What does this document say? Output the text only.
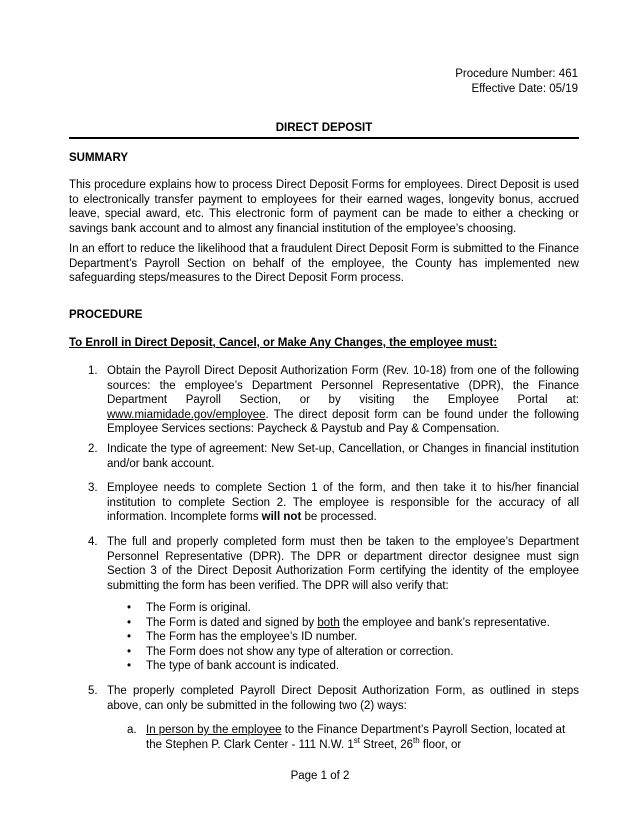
Procedure Number: 461
Effective Date: 05/19
DIRECT DEPOSIT
SUMMARY
This procedure explains how to process Direct Deposit Forms for employees. Direct Deposit is used to electronically transfer payment to employees for their earned wages, longevity bonus, accrued leave, special award, etc. This electronic form of payment can be made to either a checking or savings bank account and to almost any financial institution of the employee’s choosing.
In an effort to reduce the likelihood that a fraudulent Direct Deposit Form is submitted to the Finance Department’s Payroll Section on behalf of the employee, the County has implemented new safeguarding steps/measures to the Direct Deposit Form process.
PROCEDURE
To Enroll in Direct Deposit, Cancel, or Make Any Changes, the employee must:
1. Obtain the Payroll Direct Deposit Authorization Form (Rev. 10-18) from one of the following sources: the employee’s Department Personnel Representative (DPR), the Finance Department Payroll Section, or by visiting the Employee Portal at: www.miamidade.gov/employee. The direct deposit form can be found under the following Employee Services sections: Paycheck & Paystub and Pay & Compensation.
2. Indicate the type of agreement: New Set-up, Cancellation, or Changes in financial institution and/or bank account.
3. Employee needs to complete Section 1 of the form, and then take it to his/her financial institution to complete Section 2. The employee is responsible for the accuracy of all information. Incomplete forms will not be processed.
4. The full and properly completed form must then be taken to the employee’s Department Personnel Representative (DPR). The DPR or department director designee must sign Section 3 of the Direct Deposit Authorization Form certifying the identity of the employee submitting the form has been verified. The DPR will also verify that:
• The Form is original.
• The Form is dated and signed by both the employee and bank’s representative.
• The Form has the employee’s ID number.
• The Form does not show any type of alteration or correction.
• The type of bank account is indicated.
5. The properly completed Payroll Direct Deposit Authorization Form, as outlined in steps above, can only be submitted in the following two (2) ways:
a. In person by the employee to the Finance Department’s Payroll Section, located at the Stephen P. Clark Center - 111 N.W. 1st Street, 26th floor, or
Page 1 of 2
